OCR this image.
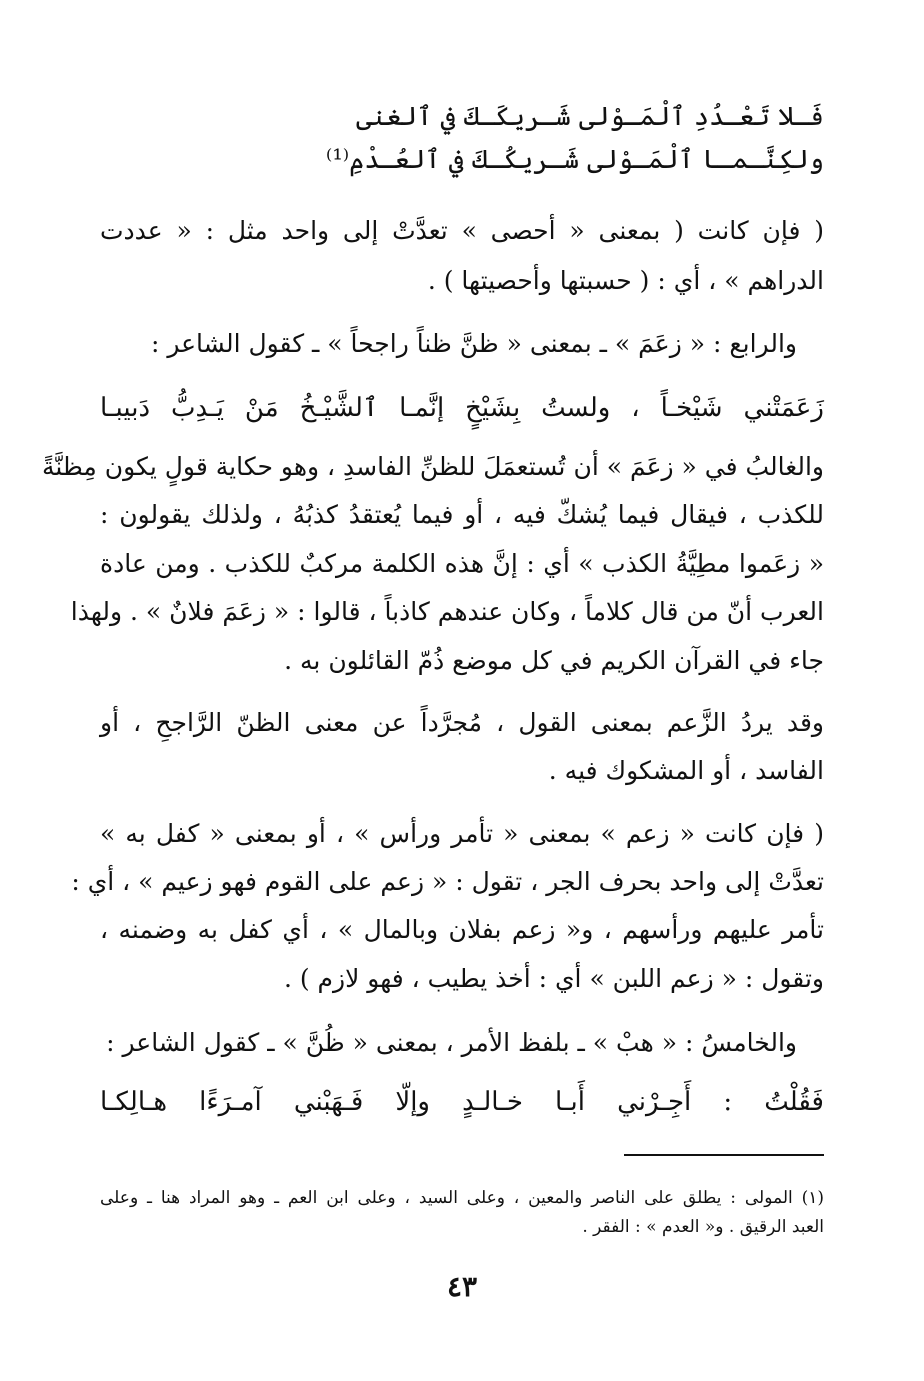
فَـلا تَعْـدُدِ ٱلْمَـوْلى شَـريكَـكَ في ٱلغنى
ولكِنَّـمـا ٱلْمَـوْلى شَـريكُـكَ في ٱلعُـدْمِ⁽¹⁾
( فإن كانت ( بمعنى « أحصى » تعدَّتْ إلى واحد مثل : « عددت
الدراهم » ، أي : ( حسبتها وأحصيتها ) .
والرابع : « زعَمَ » ـ بمعنى « ظنَّ ظناً راجحاً » ـ كقول الشاعر :
زَعَمَتْني شَيْخـاً ، ولستُ بِشَيْخٍ إنَّمـا ٱلشَّيْـخُ مَنْ يَـدِبُّ دَبيبـا
والغالبُ في « زعَمَ » أن تُستعمَلَ للظنِّ الفاسدِ ، وهو حكاية قولٍ يكون مِظنَّةً
للكذب ، فيقال فيما يُشكّ فيه ، أو فيما يُعتقدُ كذبُهُ ، ولذلك يقولون :
« زعَموا مطِيَّةُ الكذب » أي : إنَّ هذه الكلمة مركبٌ للكذب . ومن عادة
العرب أنّ من قال كلاماً ، وكان عندهم كاذباً ، قالوا : « زعَمَ فلانٌ » . ولهذا
جاء في القرآن الكريم في كل موضع ذُمّ القائلون به .
وقد يردُ الزَّعم بمعنى القول ، مُجرَّداً عن معنى الظنّ الرَّاجحِ ، أو
الفاسد ، أو المشكوك فيه .
( فإن كانت « زعم » بمعنى « تأمر ورأس » ، أو بمعنى « كفل به »
تعدَّتْ إلى واحد بحرف الجر ، تقول : « زعم على القوم فهو زعيم » ، أي :
تأمر عليهم ورأسهم ، و« زعم بفلان وبالمال » ، أي كفل به وضمنه ،
وتقول : « زعم اللبن » أي : أخذ يطيب ، فهو لازم ) .
والخامسُ : « هبْ » ـ بلفظ الأمر ، بمعنى « ظُنَّ » ـ كقول الشاعر :
فَقُلْتُ : أَجِـرْني أَبـا خـالـدٍ وإلّا فَـهَبْني آمـرَءًا هـالِكـا
(١) المولى : يطلق على الناصر والمعين ، وعلى السيد ، وعلى ابن العم ـ وهو المراد هنا ـ وعلى
العبد الرقيق . و« العدم » : الفقر .
٤٣
